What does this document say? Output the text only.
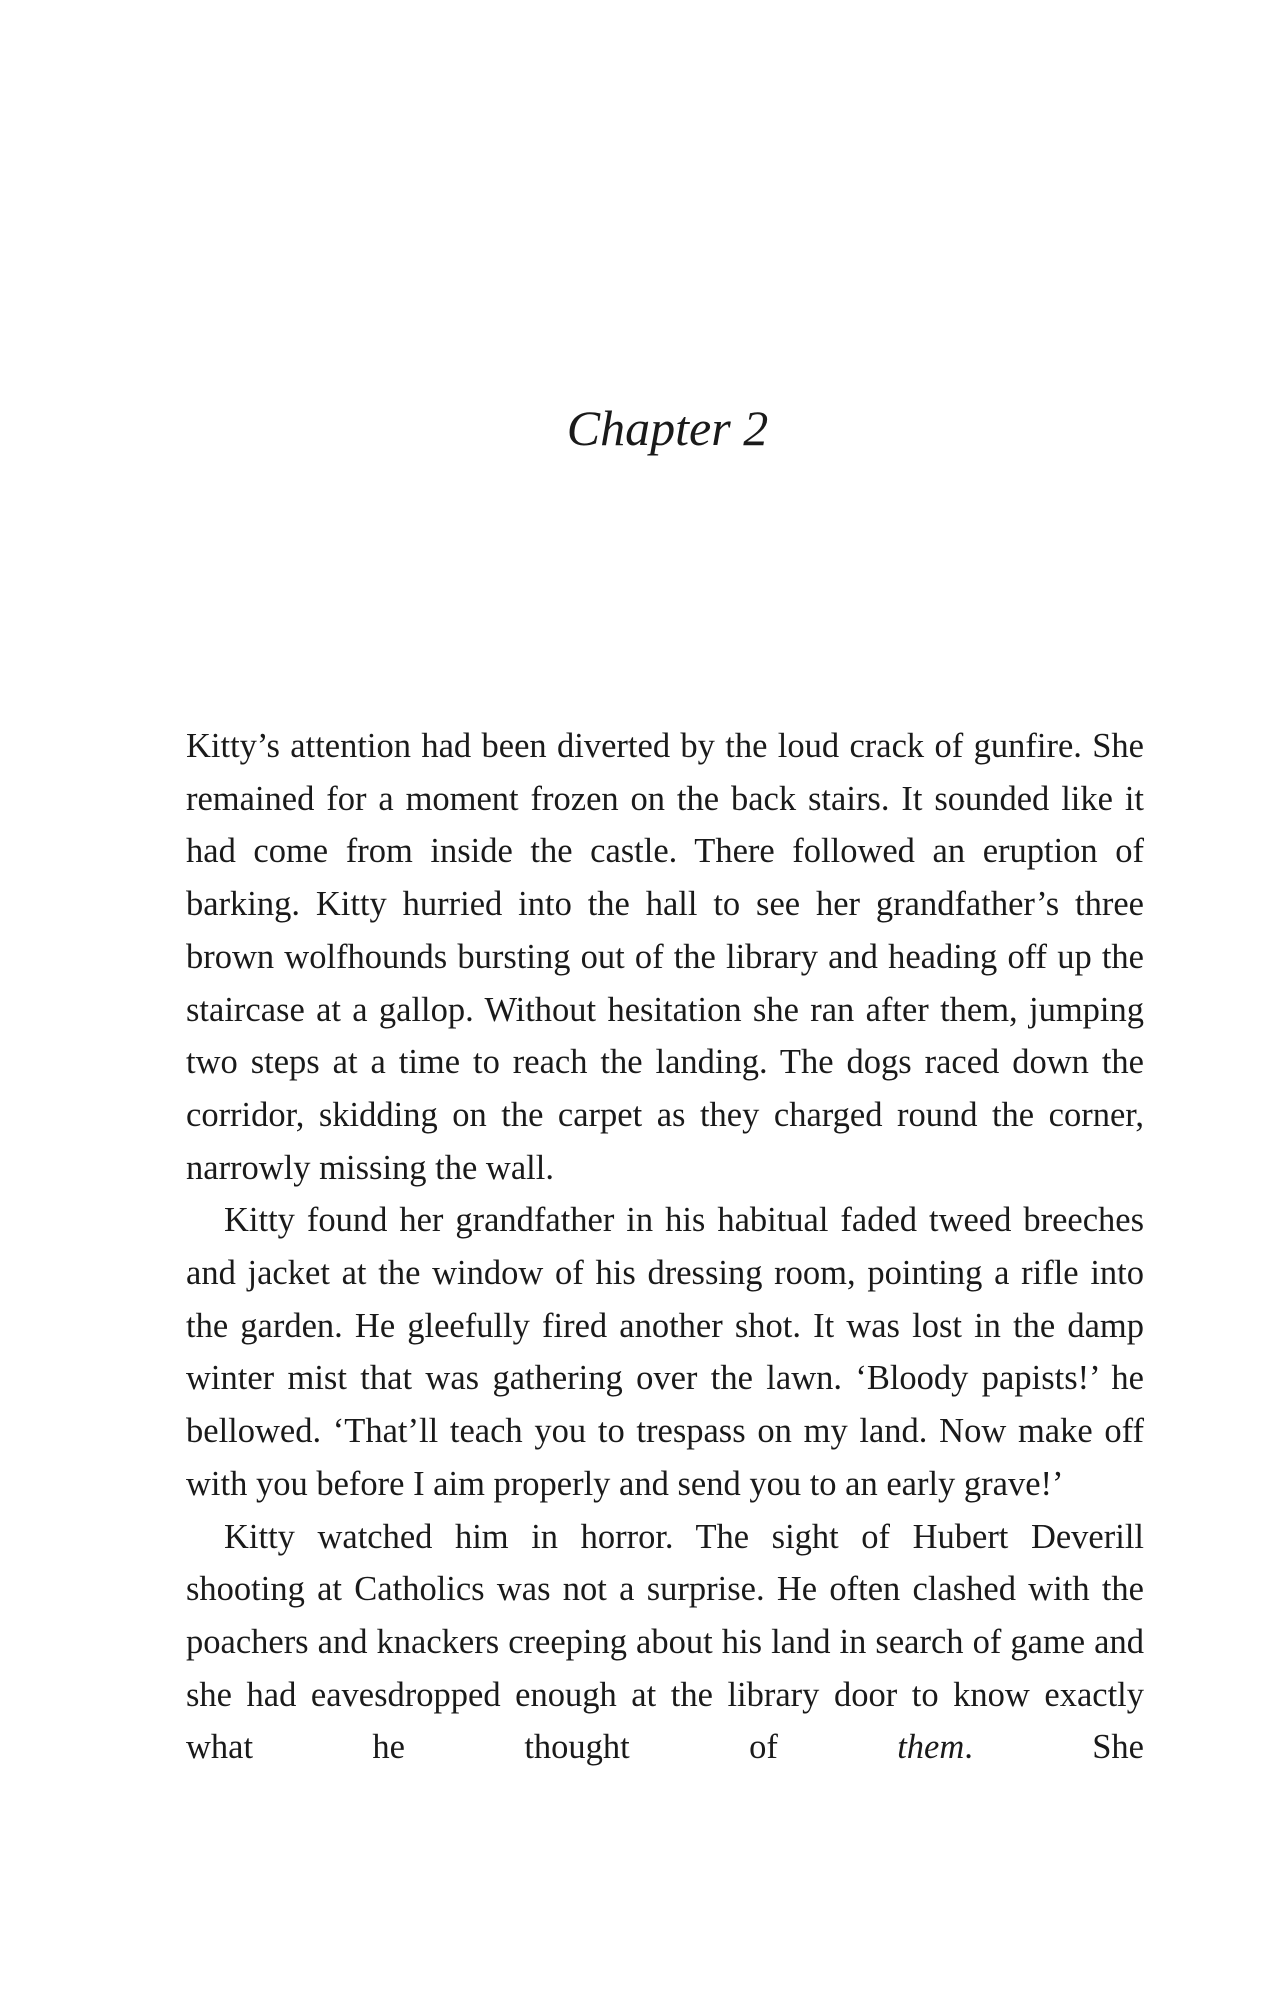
Chapter 2

Kitty’s attention had been diverted by the loud crack of gunfire. She remained for a moment frozen on the back stairs. It sounded like it had come from inside the castle. There followed an eruption of barking. Kitty hurried into the hall to see her grandfather’s three brown wolfhounds bursting out of the library and heading off up the staircase at a gallop. Without hesitation she ran after them, jumping two steps at a time to reach the landing. The dogs raced down the corridor, skidding on the carpet as they charged round the corner, narrowly missing the wall.

Kitty found her grandfather in his habitual faded tweed breeches and jacket at the window of his dressing room, pointing a rifle into the garden. He gleefully fired another shot. It was lost in the damp winter mist that was gathering over the lawn. ‘Bloody papists!’ he bellowed. ‘That’ll teach you to trespass on my land. Now make off with you before I aim properly and send you to an early grave!’

Kitty watched him in horror. The sight of Hubert Deverill shooting at Catholics was not a surprise. He often clashed with the poachers and knackers creeping about his land in search of game and she had eavesdropped enough at the library door to know exactly what he thought of them. She
